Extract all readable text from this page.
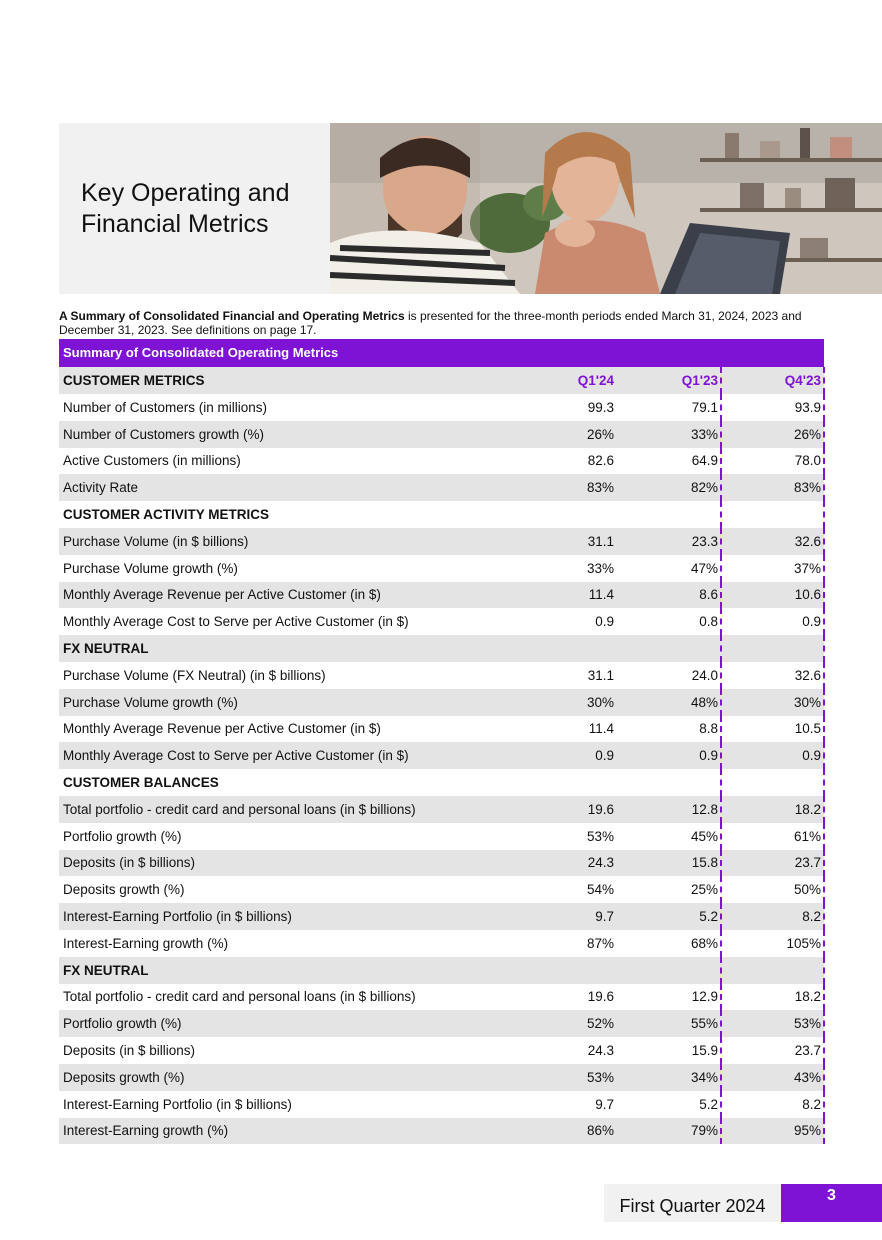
Key Operating and
Financial Metrics

A Summary of Consolidated Financial and Operating Metrics is presented for the three-month periods ended March 31, 2024, 2023 and December 31, 2023. See definitions on page 17.

Summary of Consolidated Operating Metrics
CUSTOMER METRICS	Q1'24	Q1'23	Q4'23
Number of Customers (in millions)	99.3	79.1	93.9
Number of Customers growth (%)	26%	33%	26%
Active Customers (in millions)	82.6	64.9	78.0
Activity Rate	83%	82%	83%
CUSTOMER ACTIVITY METRICS			
Purchase Volume (in $ billions)	31.1	23.3	32.6
Purchase Volume growth (%)	33%	47%	37%
Monthly Average Revenue per Active Customer (in $)	11.4	8.6	10.6
Monthly Average Cost to Serve per Active Customer (in $)	0.9	0.8	0.9
FX NEUTRAL			
Purchase Volume (FX Neutral) (in $ billions)	31.1	24.0	32.6
Purchase Volume growth (%)	30%	48%	30%
Monthly Average Revenue per Active Customer (in $)	11.4	8.8	10.5
Monthly Average Cost to Serve per Active Customer (in $)	0.9	0.9	0.9
CUSTOMER BALANCES			
Total portfolio - credit card and personal loans (in $ billions)	19.6	12.8	18.2
Portfolio growth (%)	53%	45%	61%
Deposits (in $ billions)	24.3	15.8	23.7
Deposits growth (%)	54%	25%	50%
Interest-Earning Portfolio (in $ billions)	9.7	5.2	8.2
Interest-Earning growth (%)	87%	68%	105%
FX NEUTRAL			
Total portfolio - credit card and personal loans (in $ billions)	19.6	12.9	18.2
Portfolio growth (%)	52%	55%	53%
Deposits (in $ billions)	24.3	15.9	23.7
Deposits growth (%)	53%	34%	43%
Interest-Earning Portfolio (in $ billions)	9.7	5.2	8.2
Interest-Earning growth (%)	86%	79%	95%
First Quarter 2024
3
